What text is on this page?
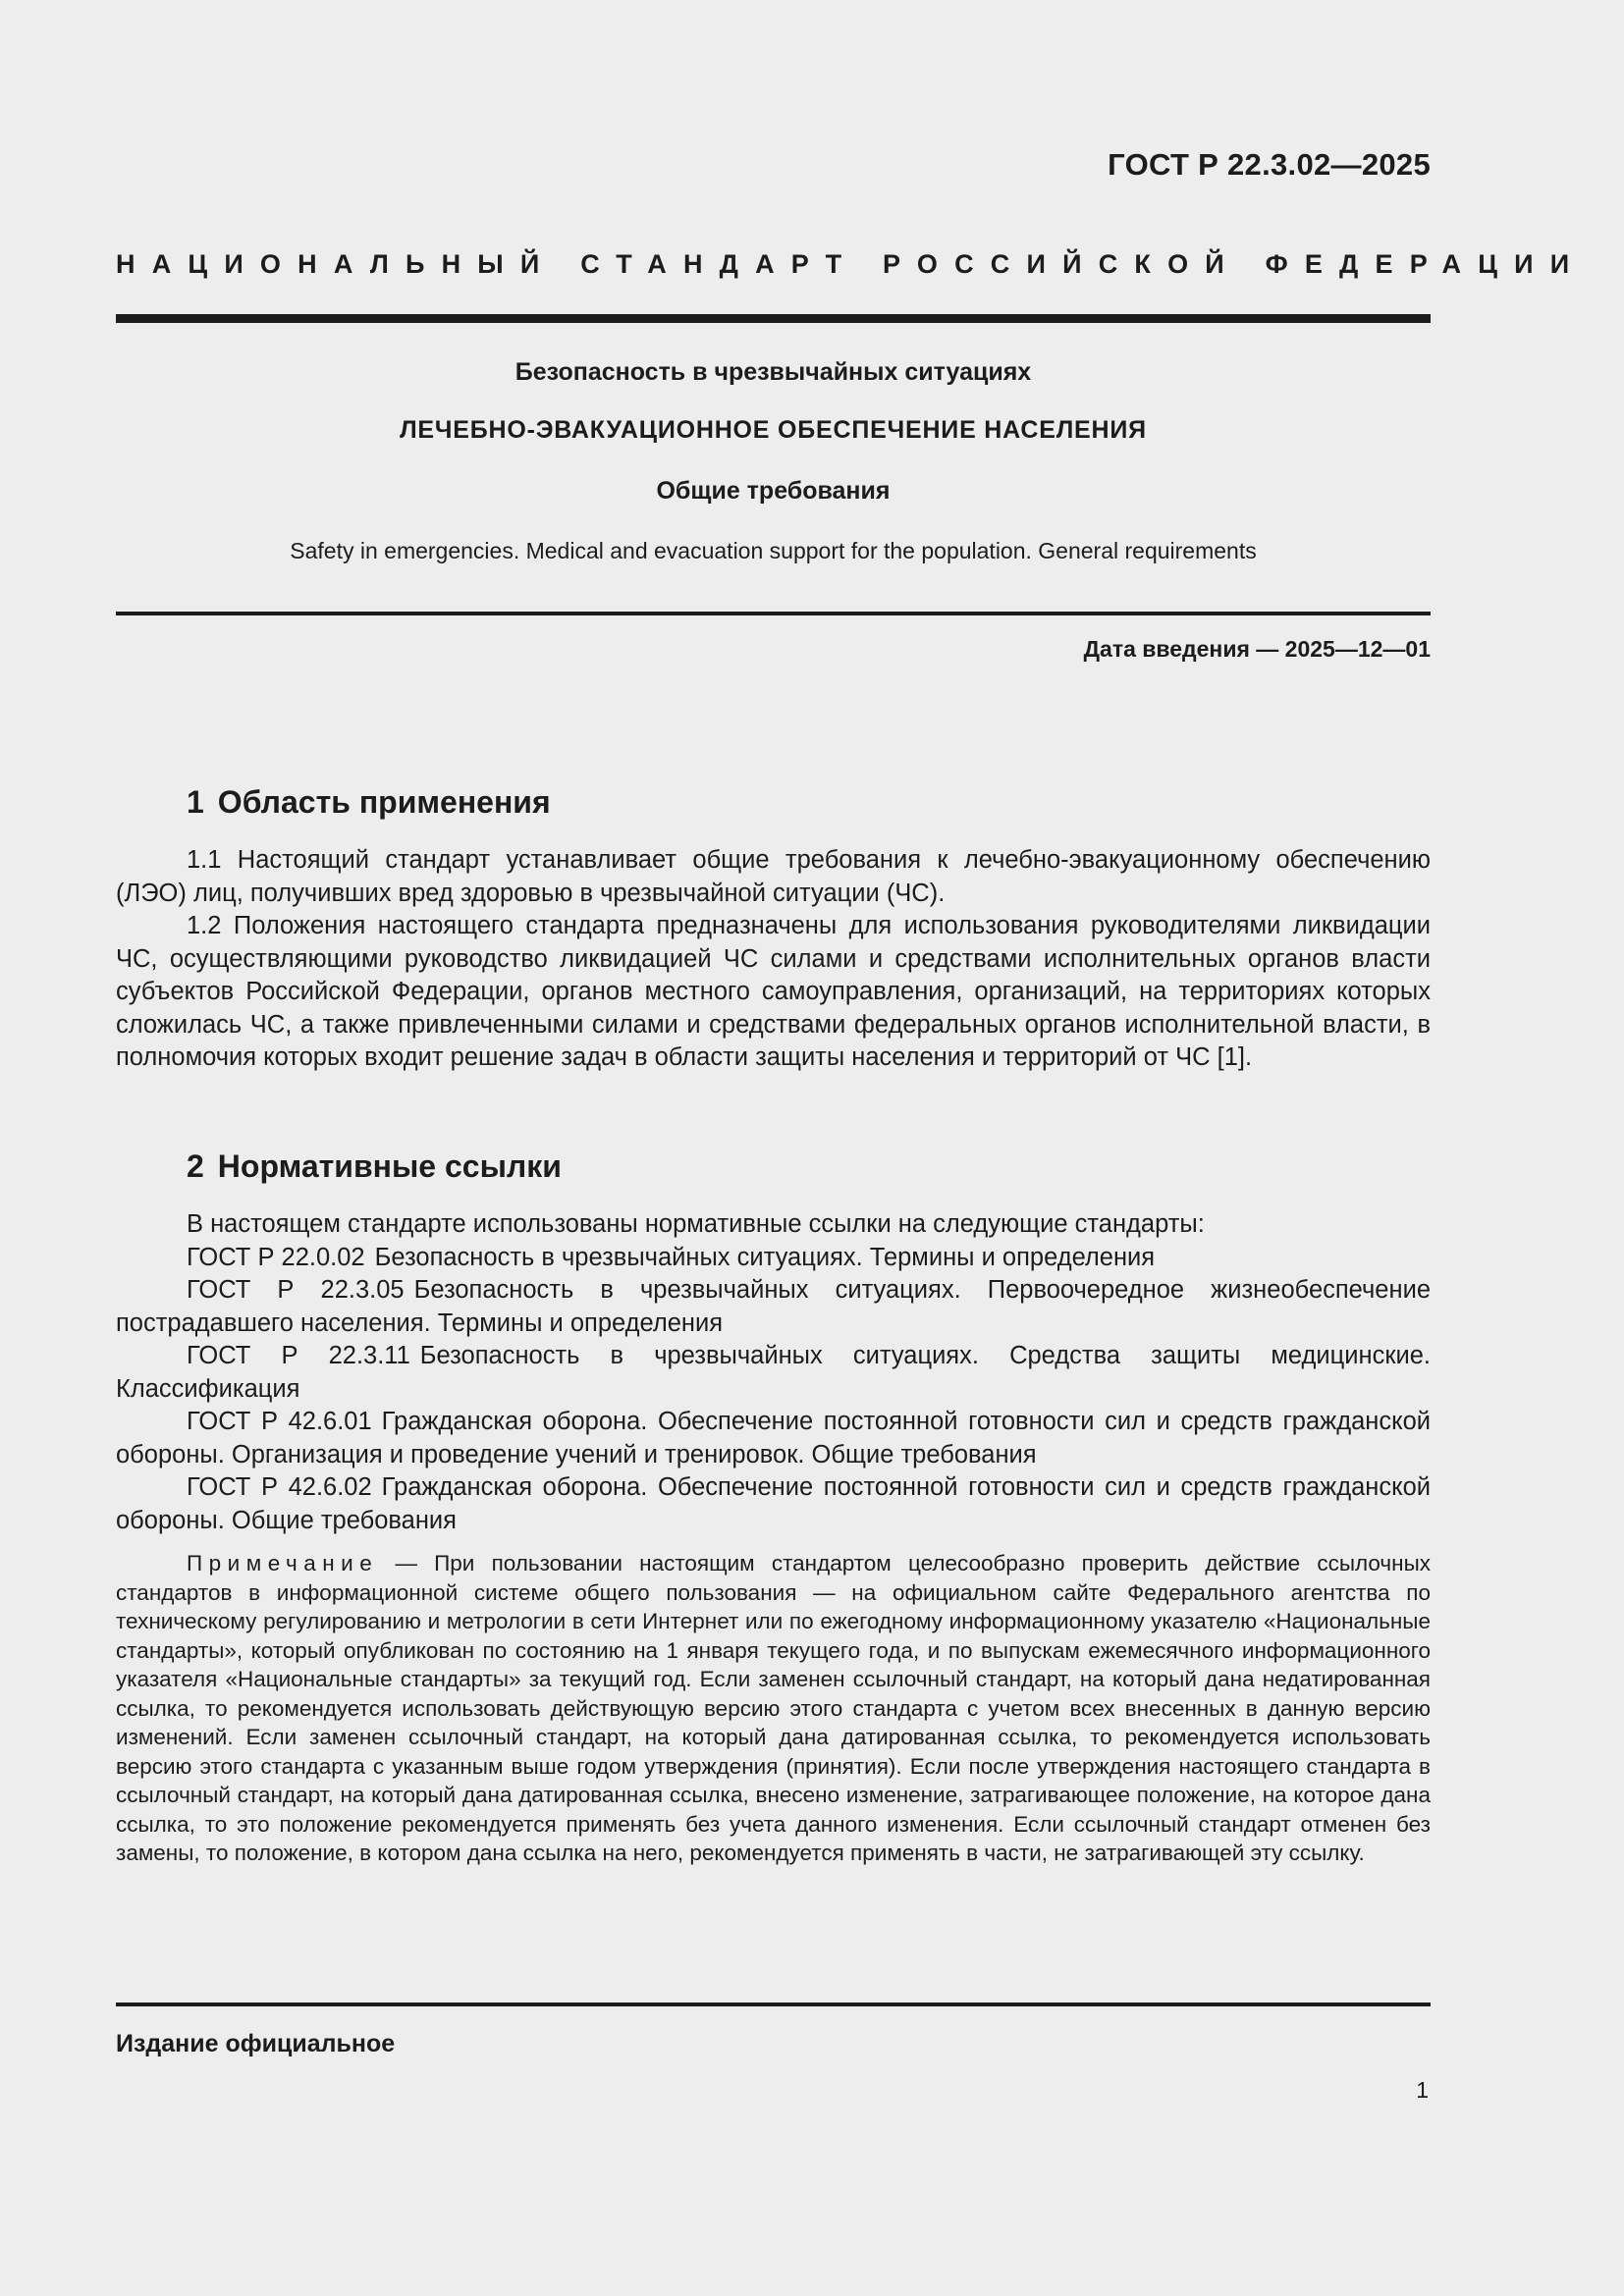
ГОСТ Р 22.3.02—2025
НАЦИОНАЛЬНЫЙ СТАНДАРТ РОССИЙСКОЙ ФЕДЕРАЦИИ
Безопасность в чрезвычайных ситуациях
ЛЕЧЕБНО-ЭВАКУАЦИОННОЕ ОБЕСПЕЧЕНИЕ НАСЕЛЕНИЯ
Общие требования
Safety in emergencies. Medical and evacuation support for the population. General requirements
Дата введения — 2025—12—01
1 Область применения

1.1 Настоящий стандарт устанавливает общие требования к лечебно-эвакуационному обеспечению (ЛЭО) лиц, получивших вред здоровью в чрезвычайной ситуации (ЧС).

1.2 Положения настоящего стандарта предназначены для использования руководителями ликвидации ЧС, осуществляющими руководство ликвидацией ЧС силами и средствами исполнительных органов власти субъектов Российской Федерации, органов местного самоуправления, организаций, на территориях которых сложилась ЧС, а также привлеченными силами и средствами федеральных органов исполнительной власти, в полномочия которых входит решение задач в области защиты населения и территорий от ЧС [1].

2 Нормативные ссылки

В настоящем стандарте использованы нормативные ссылки на следующие стандарты:

ГОСТ Р 22.0.02 Безопасность в чрезвычайных ситуациях. Термины и определения

ГОСТ Р 22.3.05 Безопасность в чрезвычайных ситуациях. Первоочередное жизнеобеспечение пострадавшего населения. Термины и определения

ГОСТ Р 22.3.11 Безопасность в чрезвычайных ситуациях. Средства защиты медицинские. Классификация

ГОСТ Р 42.6.01 Гражданская оборона. Обеспечение постоянной готовности сил и средств гражданской обороны. Организация и проведение учений и тренировок. Общие требования

ГОСТ Р 42.6.02 Гражданская оборона. Обеспечение постоянной готовности сил и средств гражданской обороны. Общие требования

Примечание — При пользовании настоящим стандартом целесообразно проверить действие ссылочных стандартов в информационной системе общего пользования — на официальном сайте Федерального агентства по техническому регулированию и метрологии в сети Интернет или по ежегодному информационному указателю «Национальные стандарты», который опубликован по состоянию на 1 января текущего года, и по выпускам ежемесячного информационного указателя «Национальные стандарты» за текущий год. Если заменен ссылочный стандарт, на который дана недатированная ссылка, то рекомендуется использовать действующую версию этого стандарта с учетом всех внесенных в данную версию изменений. Если заменен ссылочный стандарт, на который дана датированная ссылка, то рекомендуется использовать версию этого стандарта с указанным выше годом утверждения (принятия). Если после утверждения настоящего стандарта в ссылочный стандарт, на который дана датированная ссылка, внесено изменение, затрагивающее положение, на которое дана ссылка, то это положение рекомендуется применять без учета данного изменения. Если ссылочный стандарт отменен без замены, то положение, в котором дана ссылка на него, рекомендуется применять в части, не затрагивающей эту ссылку.

Издание официальное
1
